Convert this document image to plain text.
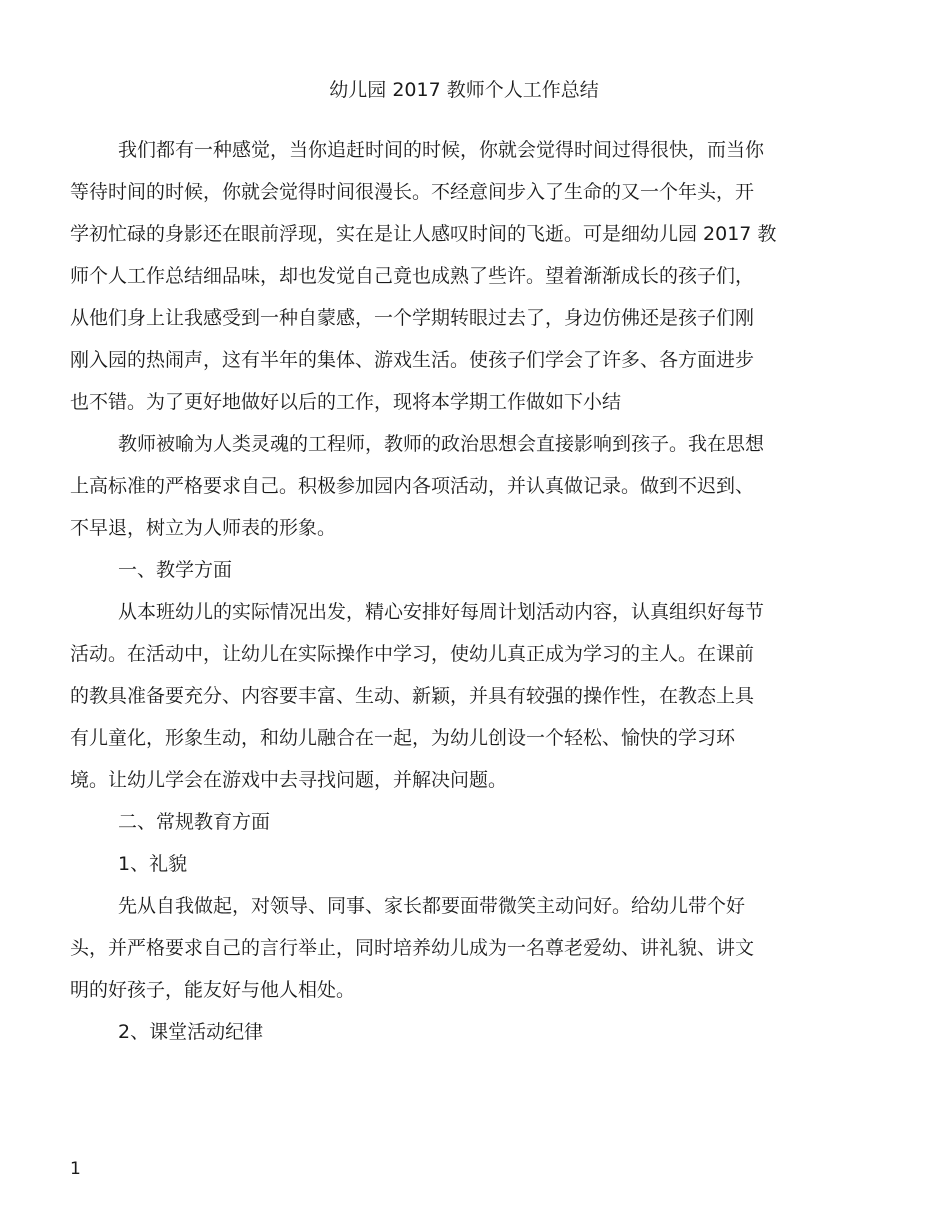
幼儿园 2017 教师个人工作总结
我们都有一种感觉，当你追赶时间的时候，你就会觉得时间过得很快，而当你
等待时间的时候，你就会觉得时间很漫长。不经意间步入了生命的又一个年头，开
学初忙碌的身影还在眼前浮现，实在是让人感叹时间的飞逝。可是细幼儿园 2017 教
师个人工作总结细品味，却也发觉自己竟也成熟了些许。望着渐渐成长的孩子们，
从他们身上让我感受到一种自蒙感，一个学期转眼过去了，身边仿佛还是孩子们刚
刚入园的热闹声，这有半年的集体、游戏生活。使孩子们学会了许多、各方面进步
也不错。为了更好地做好以后的工作，现将本学期工作做如下小结
教师被喻为人类灵魂的工程师，教师的政治思想会直接影响到孩子。我在思想
上高标准的严格要求自己。积极参加园内各项活动，并认真做记录。做到不迟到、
不早退，树立为人师表的形象。
一、教学方面
从本班幼儿的实际情况出发，精心安排好每周计划活动内容，认真组织好每节
活动。在活动中，让幼儿在实际操作中学习，使幼儿真正成为学习的主人。在课前
的教具准备要充分、内容要丰富、生动、新颖，并具有较强的操作性，在教态上具
有儿童化，形象生动，和幼儿融合在一起，为幼儿创设一个轻松、愉快的学习环
境。让幼儿学会在游戏中去寻找问题，并解决问题。
二、常规教育方面
1、礼貌
先从自我做起，对领导、同事、家长都要面带微笑主动问好。给幼儿带个好
头，并严格要求自己的言行举止，同时培养幼儿成为一名尊老爱幼、讲礼貌、讲文
明的好孩子，能友好与他人相处。
2、课堂活动纪律
1
